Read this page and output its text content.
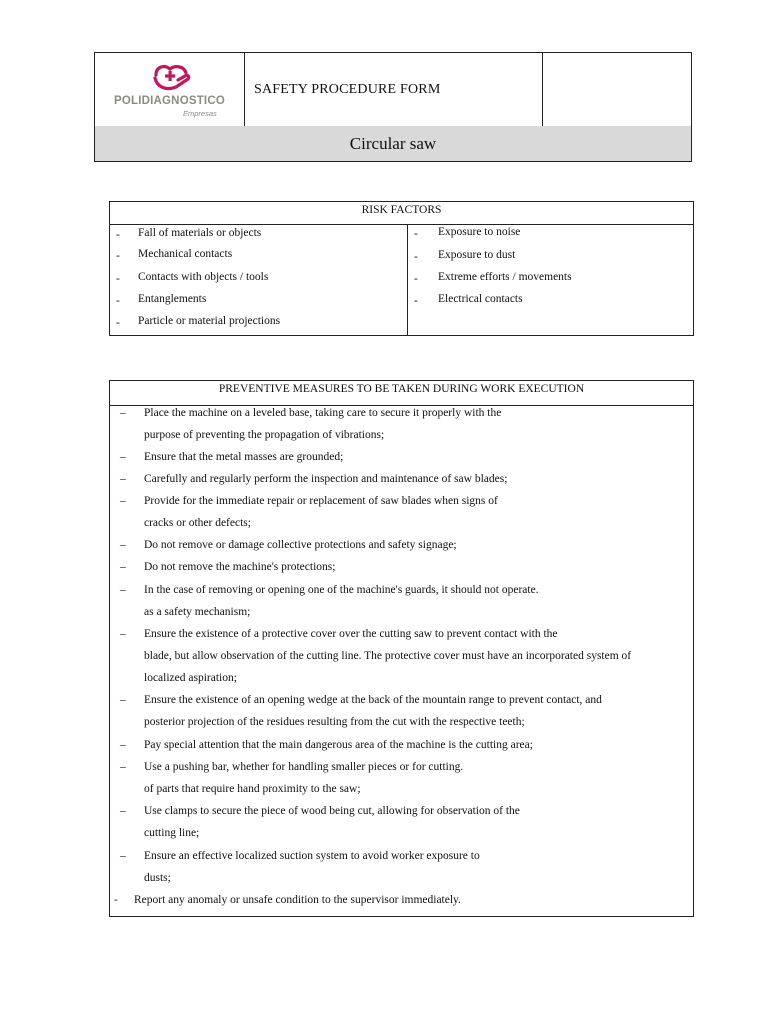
POLIDIAGNOSTICO
Empresas
SAFETY PROCEDURE FORM
Circular saw
RISK FACTORS
- Fall of materials or objects
- Mechanical contacts
- Contacts with objects / tools
- Entanglements
- Particle or material projections
- Exposure to noise
- Exposure to dust
- Extreme efforts / movements
- Electrical contacts
PREVENTIVE MEASURES TO BE TAKEN DURING WORK EXECUTION
– Place the machine on a leveled base, taking care to secure it properly with the
purpose of preventing the propagation of vibrations;
– Ensure that the metal masses are grounded;
– Carefully and regularly perform the inspection and maintenance of saw blades;
– Provide for the immediate repair or replacement of saw blades when signs of
cracks or other defects;
– Do not remove or damage collective protections and safety signage;
– Do not remove the machine's protections;
– In the case of removing or opening one of the machine's guards, it should not operate.
as a safety mechanism;
– Ensure the existence of a protective cover over the cutting saw to prevent contact with the
blade, but allow observation of the cutting line. The protective cover must have an incorporated system of
localized aspiration;
– Ensure the existence of an opening wedge at the back of the mountain range to prevent contact, and
posterior projection of the residues resulting from the cut with the respective teeth;
– Pay special attention that the main dangerous area of the machine is the cutting area;
– Use a pushing bar, whether for handling smaller pieces or for cutting.
of parts that require hand proximity to the saw;
– Use clamps to secure the piece of wood being cut, allowing for observation of the
cutting line;
– Ensure an effective localized suction system to avoid worker exposure to
dusts;
- Report any anomaly or unsafe condition to the supervisor immediately.
